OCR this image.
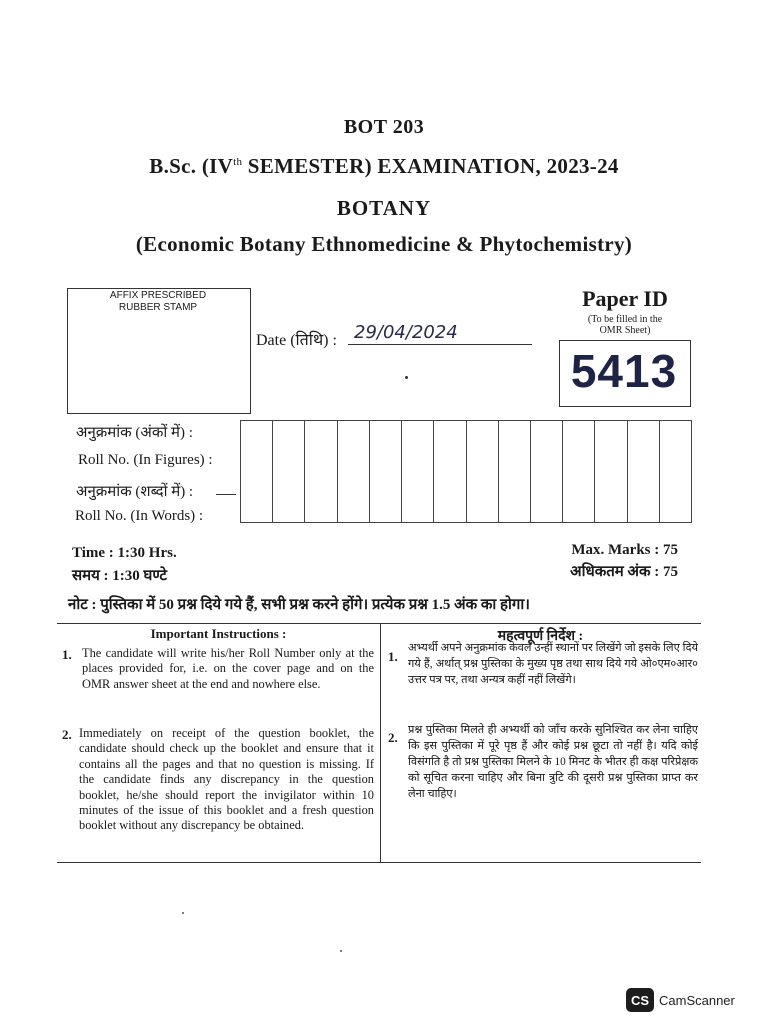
BOT 203
B.Sc. (IVth SEMESTER) EXAMINATION, 2023-24
BOTANY
(Economic Botany Ethnomedicine & Phytochemistry)
AFFIX PRESCRIBED
RUBBER STAMP
Date (तिथि) : 29/04/2024
Paper ID
(To be filled in the
OMR Sheet)
5413
अनुक्रमांक (अंकों में) :
Roll No. (In Figures) :
अनुक्रमांक (शब्दों में) :
Roll No. (In Words) :
Time : 1:30 Hrs.
समय : 1:30 घण्टे
Max. Marks : 75
अधिकतम अंक : 75
नोट : पुस्तिका में 50 प्रश्न दिये गये हैं, सभी प्रश्न करने होंगे। प्रत्येक प्रश्न 1.5 अंक का होगा।
Important Instructions :	महत्वपूर्ण निर्देश :
1. The candidate will write his/her Roll Number only at the places provided for, i.e. on the cover page and on the OMR answer sheet at the end and nowhere else.
2. Immediately on receipt of the question booklet, the candidate should check up the booklet and ensure that it contains all the pages and that no question is missing. If the candidate finds any discrepancy in the question booklet, he/she should report the invigilator within 10 minutes of the issue of this booklet and a fresh question booklet without any discrepancy be obtained.
1.
अभ्यर्थी अपने अनुक्रमांक केवल उन्हीं स्थानों पर लिखेंगे जो इसके लिए दिये गये हैं, अर्थात् प्रश्न पुस्तिका के मुख्य पृष्ठ तथा साथ दिये गये ओ०एम०आर० उत्तर पत्र पर, तथा अन्यत्र कहीं नहीं लिखेंगे।
2. प्रश्न पुस्तिका मिलते ही अभ्यर्थी को जाँच करके सुनिश्चित कर लेना चाहिए कि इस पुस्तिका में पूरे पृष्ठ हैं और कोई प्रश्न छूटा तो नहीं है। यदि कोई विसंगति है तो प्रश्न पुस्तिका मिलने के 10 मिनट के भीतर ही कक्ष परिप्रेक्षक को सूचित करना चाहिए और बिना त्रुटि की दूसरी प्रश्न पुस्तिका प्राप्त कर लेना चाहिए।
CS CamScanner
